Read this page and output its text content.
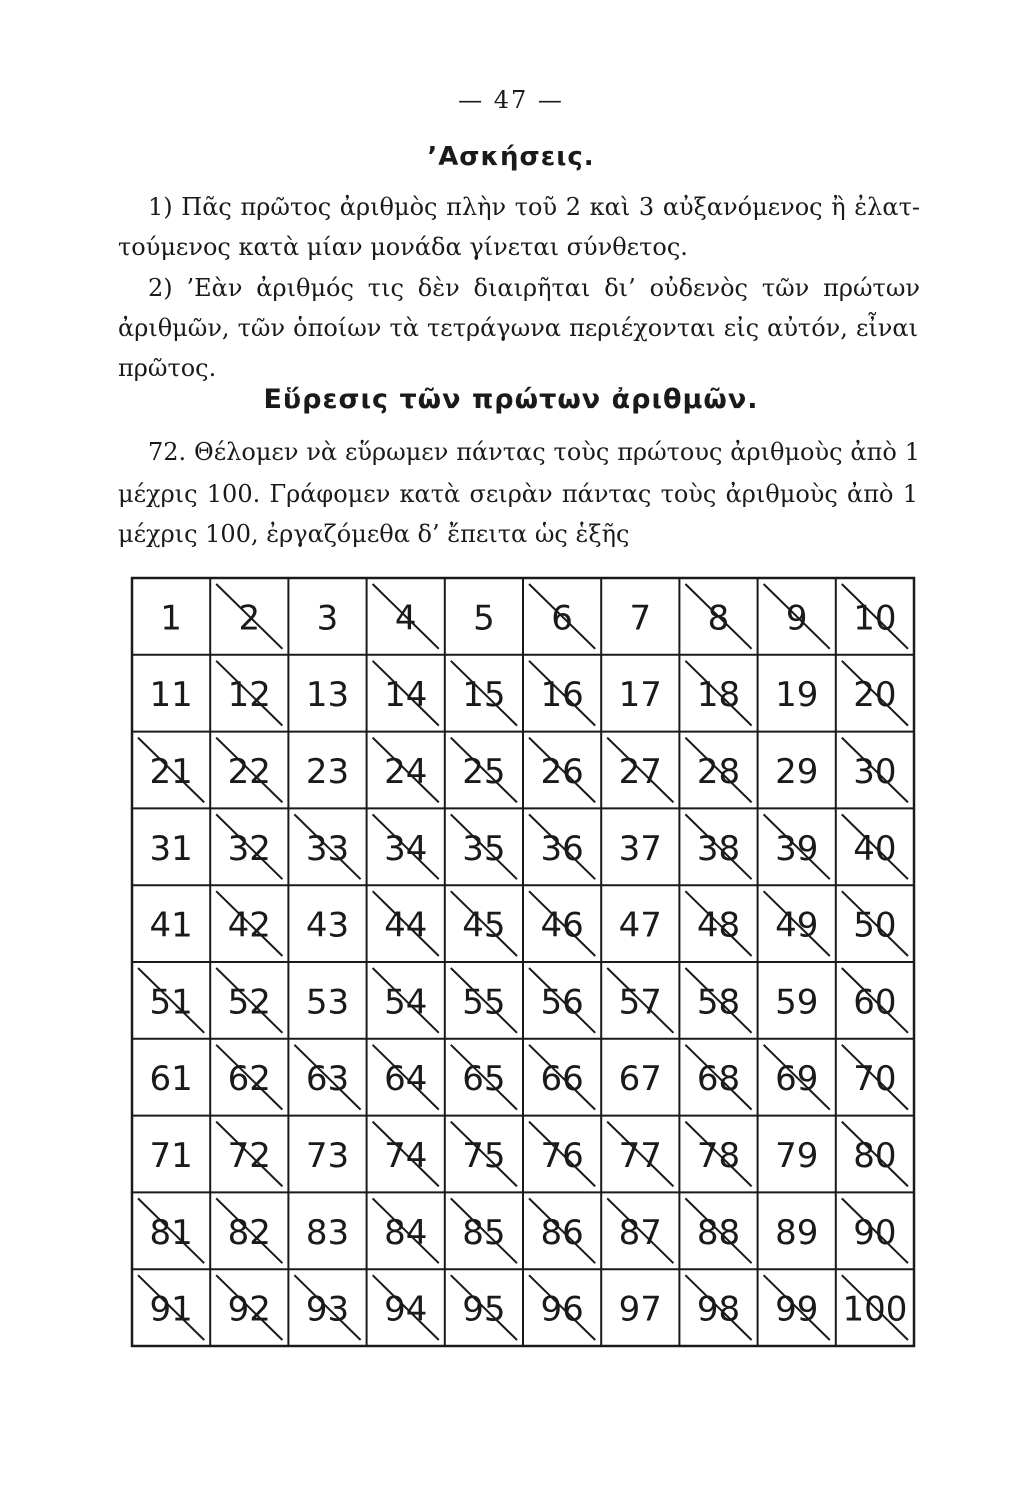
— 47 —
’Ασκήσεις.
1) Πᾶς πρῶτος ἀριθμὸς πλὴν τοῦ 2 καὶ 3 αὐξανόμενος ἢ ἐλατ-
τούμενος κατὰ μίαν μονάδα γίνεται σύνθετος.
2) ’Εὰν ἀριθμός τις δὲν διαιρῆται δι’ οὐδενὸς τῶν πρώτων
ἀριθμῶν, τῶν ὁποίων τὰ τετράγωνα περιέχονται εἰς αὐτόν, εἶναι
πρῶτος.
Εὕρεσις τῶν πρώτων ἀριθμῶν.
72. Θέλομεν νὰ εὕρωμεν πάντας τοὺς πρώτους ἀριθμοὺς ἀπὸ 1
μέχρις 100. Γράφομεν κατὰ σειρὰν πάντας τοὺς ἀριθμοὺς ἀπὸ 1
μέχρις 100, ἐργαζόμεθα δ’ ἔπειτα ὡς ἑξῆς
1 2 3 4 5 6 7 8 9 10
11 12 13 14 15 16 17 18 19 20
21 22 23 24 25 26 27 28 29 30
31 32 33 34 35 36 37 38 39 40
41 42 43 44 45 46 47 48 49 50
51 52 53 54 55 56 57 58 59 60
61 62 63 64 65 66 67 68 69 70
71 72 73 74 75 76 77 78 79 80
81 82 83 84 85 86 87 88 89 90
91 92 93 94 95 96 97 98 99 100
